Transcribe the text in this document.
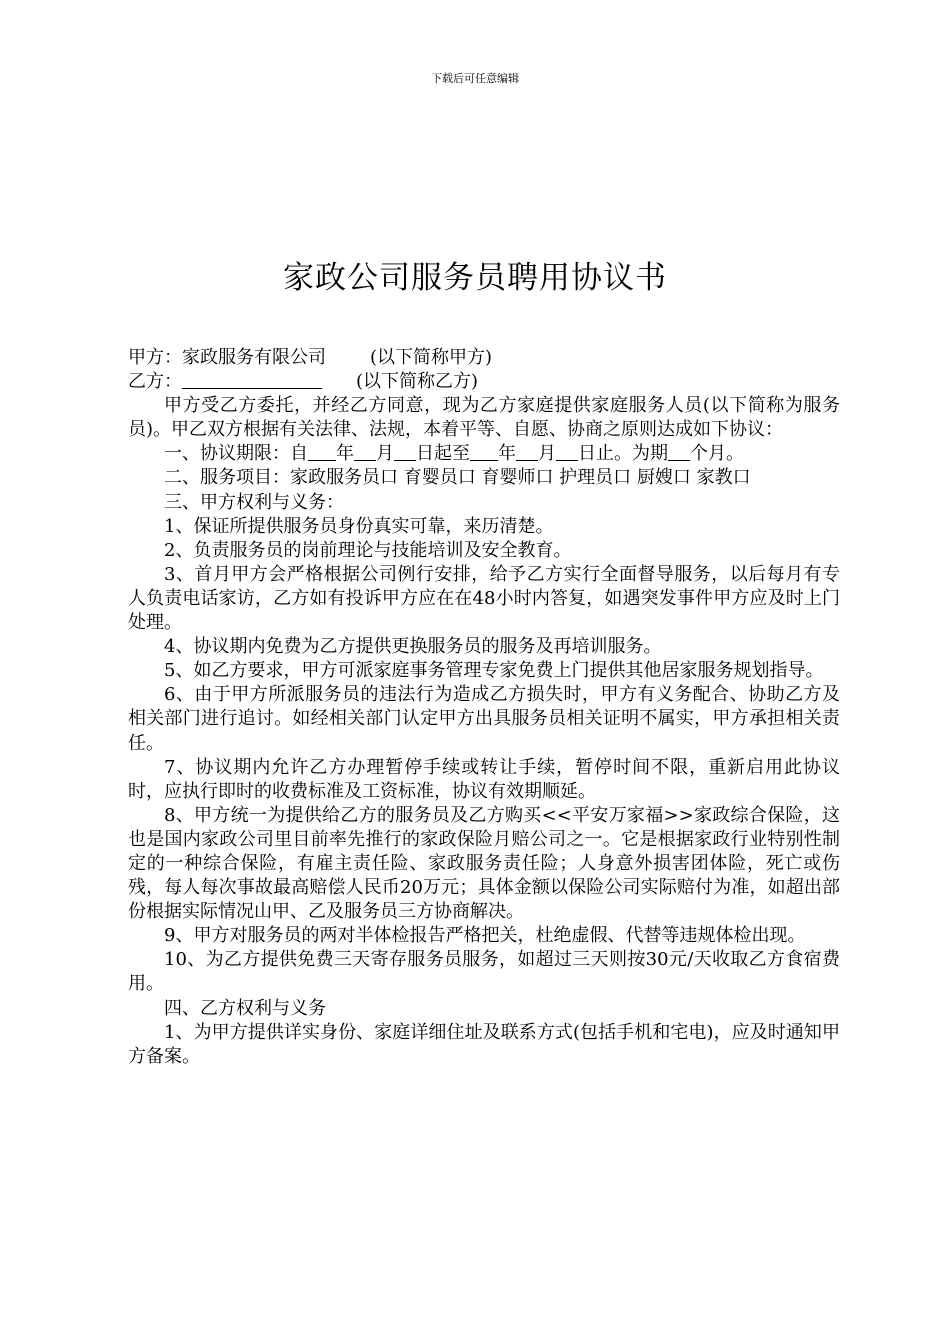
下载后可任意编辑
家政公司服务员聘用协议书

甲方：家政服务有限公司 (以下简称甲方)

乙方：	(以下简称乙方)

甲方受乙方委托，并经乙方同意，现为乙方家庭提供家庭服务人员(以下简称为服务员)。甲乙双方根据有关法律、法规，本着平等、自愿、协商之原则达成如下协议：

一、协议期限：自 年 月 日起至 年 月 日止。为期 个月。

二、服务项目：家政服务员口 育婴员口 育婴师口 护理员口 厨嫂口 家教口

三、甲方权利与义务：

1、保证所提供服务员身份真实可靠，来历清楚。

2、负责服务员的岗前理论与技能培训及安全教育。

3、首月甲方会严格根据公司例行安排，给予乙方实行全面督导服务，以后每月有专人负责电话家访，乙方如有投诉甲方应在在48小时内答复，如遇突发事件甲方应及时上门处理。

4、协议期内免费为乙方提供更换服务员的服务及再培训服务。

5、如乙方要求，甲方可派家庭事务管理专家免费上门提供其他居家服务规划指导。

6、由于甲方所派服务员的违法行为造成乙方损失时，甲方有义务配合、协助乙方及相关部门进行追讨。如经相关部门认定甲方出具服务员相关证明不属实，甲方承担相关责任。

7、协议期内允许乙方办理暂停手续或转让手续，暂停时间不限，重新启用此协议时，应执行即时的收费标准及工资标准，协议有效期顺延。

8、甲方统一为提供给乙方的服务员及乙方购买<<平安万家福>>家政综合保险，这也是国内家政公司里目前率先推行的家政保险月赔公司之一。它是根据家政行业特别性制定的一种综合保险，有雇主责任险、家政服务责任险；人身意外损害团体险，死亡或伤残，每人每次事故最高赔偿人民币20万元；具体金额以保险公司实际赔付为准，如超出部份根据实际情况山甲、乙及服务员三方协商解决。

9、甲方对服务员的两对半体检报告严格把关，杜绝虚假、代替等违规体检出现。

10、为乙方提供免费三天寄存服务员服务，如超过三天则按30元/天收取乙方食宿费用。

四、乙方权利与义务

1、为甲方提供详实身份、家庭详细住址及联系方式(包括手机和宅电)，应及时通知甲方备案。
